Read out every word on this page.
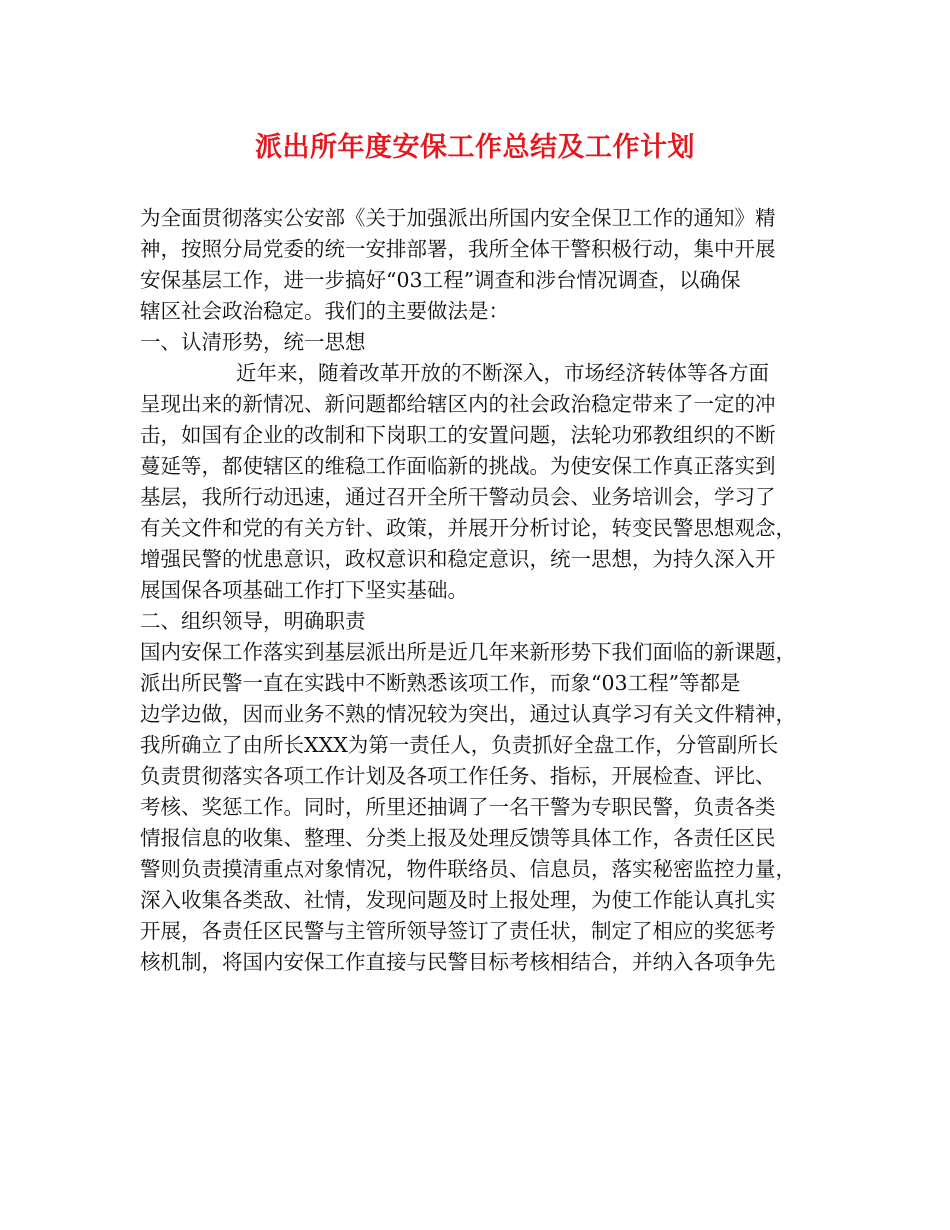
派出所年度安保工作总结及工作计划
为全面贯彻落实公安部《关于加强派出所国内安全保卫工作的通知》精
神，按照分局党委的统一安排部署，我所全体干警积极行动，集中开展
安保基层工作，进一步搞好“03工程”调查和涉台情况调查，以确保
辖区社会政治稳定。我们的主要做法是：
一、认清形势，统一思想
近年来，随着改革开放的不断深入，市场经济转体等各方面
呈现出来的新情况、新问题都给辖区内的社会政治稳定带来了一定的冲
击，如国有企业的改制和下岗职工的安置问题，法轮功邪教组织的不断
蔓延等，都使辖区的维稳工作面临新的挑战。为使安保工作真正落实到
基层，我所行动迅速，通过召开全所干警动员会、业务培训会，学习了
有关文件和党的有关方针、政策，并展开分析讨论，转变民警思想观念，
增强民警的忧患意识，政权意识和稳定意识，统一思想，为持久深入开
展国保各项基础工作打下坚实基础。
二、组织领导，明确职责
国内安保工作落实到基层派出所是近几年来新形势下我们面临的新课题，
派出所民警一直在实践中不断熟悉该项工作，而象“03工程”等都是
边学边做，因而业务不熟的情况较为突出，通过认真学习有关文件精神，
我所确立了由所长XXX为第一责任人，负责抓好全盘工作，分管副所长
负责贯彻落实各项工作计划及各项工作任务、指标，开展检查、评比、
考核、奖惩工作。同时，所里还抽调了一名干警为专职民警，负责各类
情报信息的收集、整理、分类上报及处理反馈等具体工作，各责任区民
警则负责摸清重点对象情况，物件联络员、信息员，落实秘密监控力量，
深入收集各类敌、社情，发现问题及时上报处理，为使工作能认真扎实
开展，各责任区民警与主管所领导签订了责任状，制定了相应的奖惩考
核机制，将国内安保工作直接与民警目标考核相结合，并纳入各项争先
